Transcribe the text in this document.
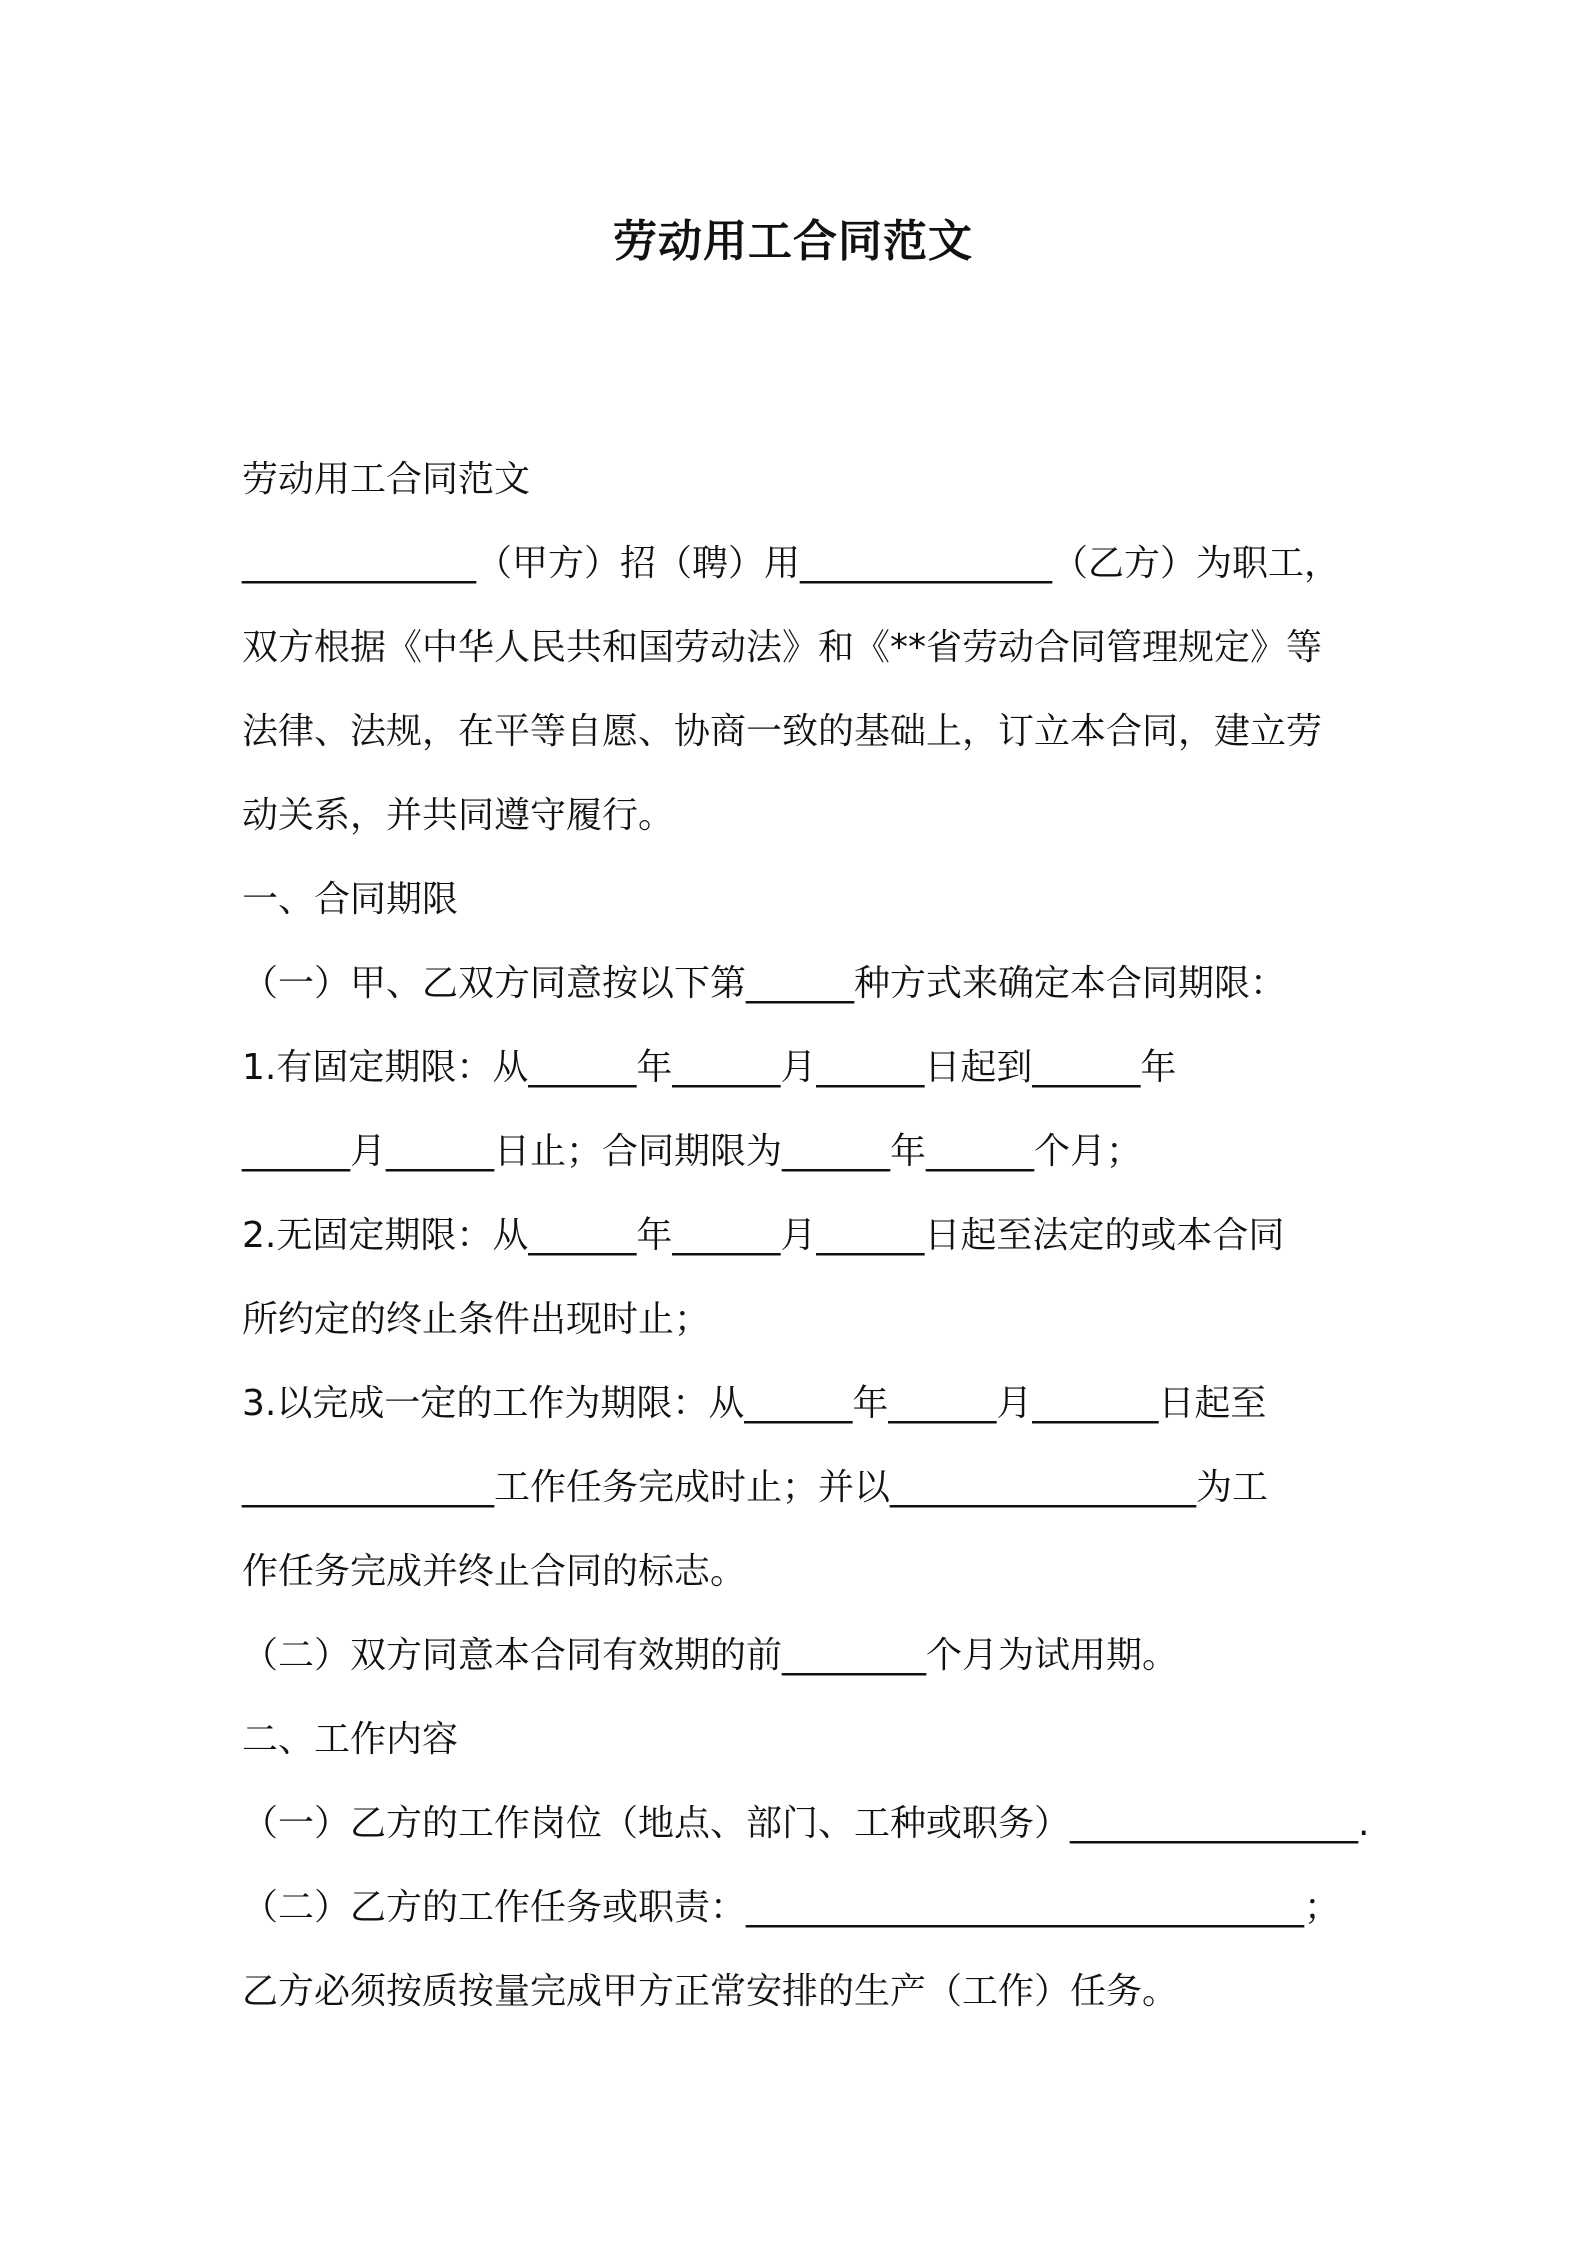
劳动用工合同范文
劳动用工合同范文
_____________（甲方）招（聘）用______________（乙方）为职工，
双方根据《中华人民共和国劳动法》和《**省劳动合同管理规定》等
法律、法规，在平等自愿、协商一致的基础上，订立本合同，建立劳
动关系，并共同遵守履行。
一、合同期限
（一）甲、乙双方同意按以下第______种方式来确定本合同期限：
1.有固定期限：从______年______月______日起到______年
______月______日止；合同期限为______年______个月；
2.无固定期限：从______年______月______日起至法定的或本合同
所约定的终止条件出现时止；
3.以完成一定的工作为期限：从______年______月_______日起至
______________工作任务完成时止；并以_________________为工
作任务完成并终止合同的标志。
（二）双方同意本合同有效期的前________个月为试用期。
二、工作内容
（一）乙方的工作岗位（地点、部门、工种或职务）________________.
（二）乙方的工作任务或职责：_______________________________；
乙方必须按质按量完成甲方正常安排的生产（工作）任务。
